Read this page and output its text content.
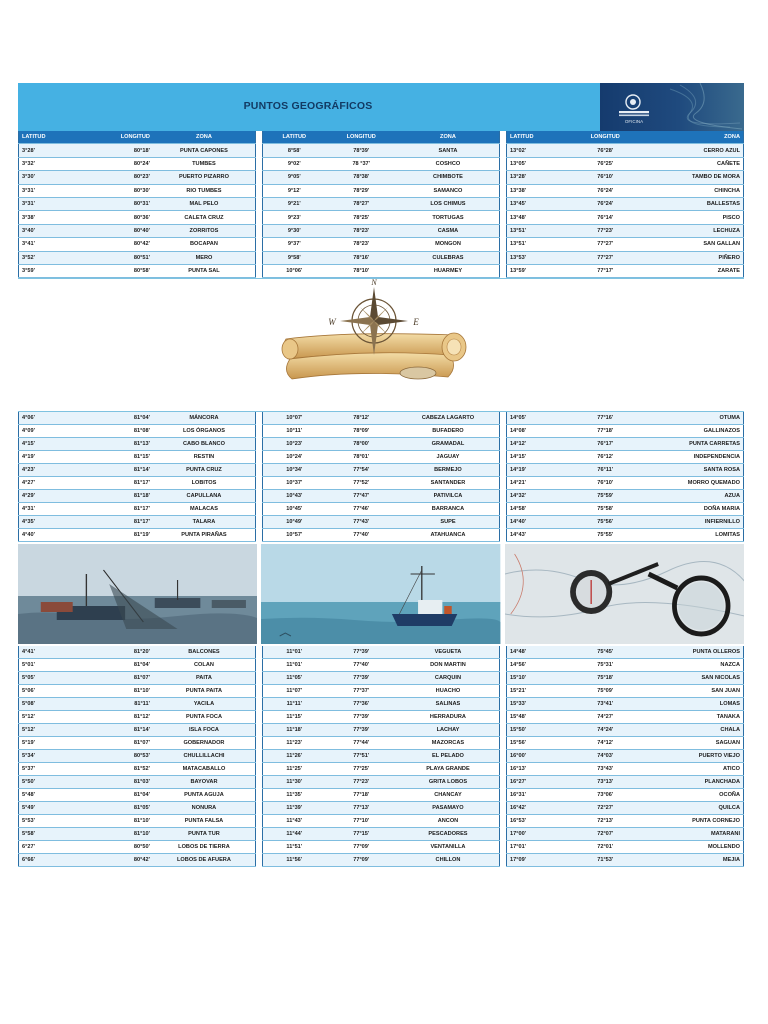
PUNTOS GEOGRÁFICOS
OFICINA
LATITUD	LONGITUD	ZONA
3°28'	80°18'	PUNTA CAPONES
3°32'	80°24'	TUMBES
3°30'	80°23'	PUERTO PIZARRO
3°31'	80°30'	RIO TUMBES
3°31'	80°31'	MAL PELO
3°38'	80°36'	CALETA CRUZ
3°40'	80°40'	ZORRITOS
3°41'	80°42'	BOCAPAN
3°52'	80°51'	MERO
3°59'	80°58'	PUNTA SAL
LATITUD	LONGITUD	ZONA
8°58'	78°39'	SANTA
9°02'	78 °37'	COSHCO
9°05'	78°38'	CHIMBOTE
9°12'	78°29'	SAMANCO
9°21'	78°27'	LOS CHIMUS
9°23'	78°25'	TORTUGAS
9°30'	78°23'	CASMA
9°37'	78°23'	MONGON
9°58'	78°16'	CULEBRAS
10°06'	78°10'	HUARMEY
LATITUD	LONGITUD	ZONA
13°02'	76°28'	CERRO AZUL
13°05'	76°25'	CAÑETE
13°28'	76°10'	TAMBO DE MORA
13°38'	76°24'	CHINCHA
13°45'	76°24'	BALLESTAS
13°48'	76°14'	PISCO
13°51'	77°23'	LECHUZA
13°51'	77°27'	SAN GALLAN
13°53'	77°27'	PIÑERO
13°59'	77°17'	ZARATE
N
W	E
4°06'	81°04'	MÁNCORA
4°09'	81°08'	LOS ÓRGANOS
4°15'	81°13'	CABO BLANCO
4°19'	81°15'	RESTIN
4°23'	81°14'	PUNTA CRUZ
4°27'	81°17'	LOBITOS
4°29'	81°18'	CAPULLANA
4°31'	81°17'	MALACAS
4°35'	81°17'	TALARA
4°40'	81°19'	PUNTA PIRAÑAS
10°07'	78°12'	CABEZA LAGARTO
10°11'	78°09'	BUFADERO
10°23'	78°00'	GRAMADAL
10°24'	78°01'	JAGUAY
10°34'	77°54'	BERMEJO
10°37'	77°52'	SANTANDER
10°43'	77°47'	PATIVILCA
10°45'	77°46'	BARRANCA
10°49'	77°43'	SUPE
10°57'	77°40'	ATAHUANCA
14°05'	77°16'	OTUMA
14°08'	77°18'	GALLINAZOS
14°12'	76°17'	PUNTA CARRETAS
14°15'	76°12'	INDEPENDENCIA
14°19'	76°11'	SANTA ROSA
14°21'	76°10'	MORRO QUEMADO
14°32'	75°59'	AZUA
14°58'	75°58'	DOÑA MARIA
14°40'	75°56'	INFIERNILLO
14°43'	75°55'	LOMITAS
4°41'	81°20'	BALCONES
5°01'	81°04'	COLAN
5°05'	81°07'	PAITA
5°06'	81°10'	PUNTA PAITA
5°08'	81°11'	YACILA
5°12'	81°12'	PUNTA FOCA
5°12'	81°14'	ISLA FOCA
5°19'	81°07'	GOBERNADOR
5°34'	80°53'	CHULLILLACHI
5°37'	81°52'	MATACABALLO
5°50'	81°03'	BAYOVAR
5°48'	81°04'	PUNTA AGUJA
5°49'	81°05'	NONURA
5°53'	81°10'	PUNTA FALSA
5°58'	81°10'	PUNTA TUR
6°27'	80°50'	LOBOS DE TIERRA
6°66'	80°42'	LOBOS DE AFUERA
11°01'	77°39'	VEGUETA
11°01'	77°40'	DON MARTIN
11°05'	77°39'	CARQUIN
11°07'	77°37'	HUACHO
11°11'	77°36'	SALINAS
11°15'	77°39'	HERRADURA
11°18'	77°39'	LACHAY
11°23'	77°44'	MAZORCAS
11°26'	77°51'	EL PELADO
11°25'	77°25'	PLAYA GRANDE
11°30'	77°23'	GRITA LOBOS
11°35'	77°18'	CHANCAY
11°39'	77°13'	PASAMAYO
11°43'	77°10'	ANCON
11°44'	77°15'	PESCADORES
11°51'	77°09'	VENTANILLA
11°56'	77°09'	CHILLON
14°48'	75°45'	PUNTA OLLEROS
14°56'	75°31'	NAZCA
15°10'	75°18'	SAN NICOLAS
15°21'	75°09'	SAN JUAN
15°33'	73°41'	LOMAS
15°48'	74°27'	TANAKA
15°50'	74°24'	CHALA
15°56'	74°12'	SAGUAN
16°00'	74°03'	PUERTO VIEJO
16°13'	73°43'	ATICO
16°27'	73°13'	PLANCHADA
16°31'	73°06'	OCOÑA
16°42'	72°27'	QUILCA
16°53'	72°13'	PUNTA CORNEJO
17°00'	72°07'	MATARANI
17°01'	72°01'	MOLLENDO
17°09'	71°53'	MEJIA
